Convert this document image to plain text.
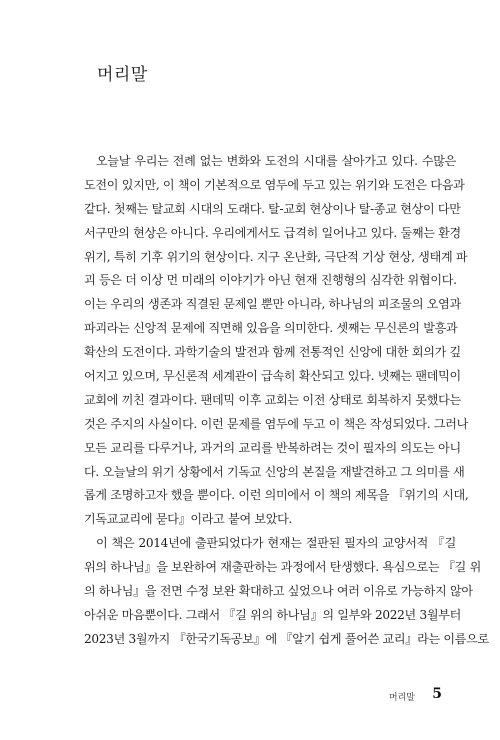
머리말
오늘날 우리는 전례 없는 변화와 도전의 시대를 살아가고 있다. 수많은
도전이 있지만, 이 책이 기본적으로 염두에 두고 있는 위기와 도전은 다음과
같다. 첫째는 탈교회 시대의 도래다. 탈-교회 현상이나 탈-종교 현상이 다만
서구만의 현상은 아니다. 우리에게서도 급격히 일어나고 있다. 둘째는 환경
위기, 특히 기후 위기의 현상이다. 지구 온난화, 극단적 기상 현상, 생태계 파
괴 등은 더 이상 먼 미래의 이야기가 아닌 현재 진행형의 심각한 위협이다.
이는 우리의 생존과 직결된 문제일 뿐만 아니라, 하나님의 피조물의 오염과
파괴라는 신앙적 문제에 직면해 있음을 의미한다. 셋째는 무신론의 발흥과
확산의 도전이다. 과학기술의 발전과 함께 전통적인 신앙에 대한 회의가 깊
어지고 있으며, 무신론적 세계관이 급속히 확산되고 있다. 넷째는 팬데믹이
교회에 끼친 결과이다. 팬데믹 이후 교회는 이전 상태로 회복하지 못했다는
것은 주지의 사실이다. 이런 문제를 염두에 두고 이 책은 작성되었다. 그러나
모든 교리를 다루거나, 과거의 교리를 반복하려는 것이 필자의 의도는 아니
다. 오늘날의 위기 상황에서 기독교 신앙의 본질을 재발견하고 그 의미를 새
롭게 조명하고자 했을 뿐이다. 이런 의미에서 이 책의 제목을 『위기의 시대,
기독교교리에 묻다』이라고 붙여 보았다.
이 책은 2014년에 출판되었다가 현재는 절판된 필자의 교양서적 『길
위의 하나님』을 보완하여 재출판하는 과정에서 탄생했다. 욕심으로는 『길 위
의 하나님』을 전면 수정 보완 확대하고 싶었으나 여러 이유로 가능하지 않아
아쉬운 마음뿐이다. 그래서 『길 위의 하나님』의 일부와 2022년 3월부터
2023년 3월까지 『한국기독공보』에 『알기 쉽게 풀어쓴 교리』라는 이름으로
머리말 5
